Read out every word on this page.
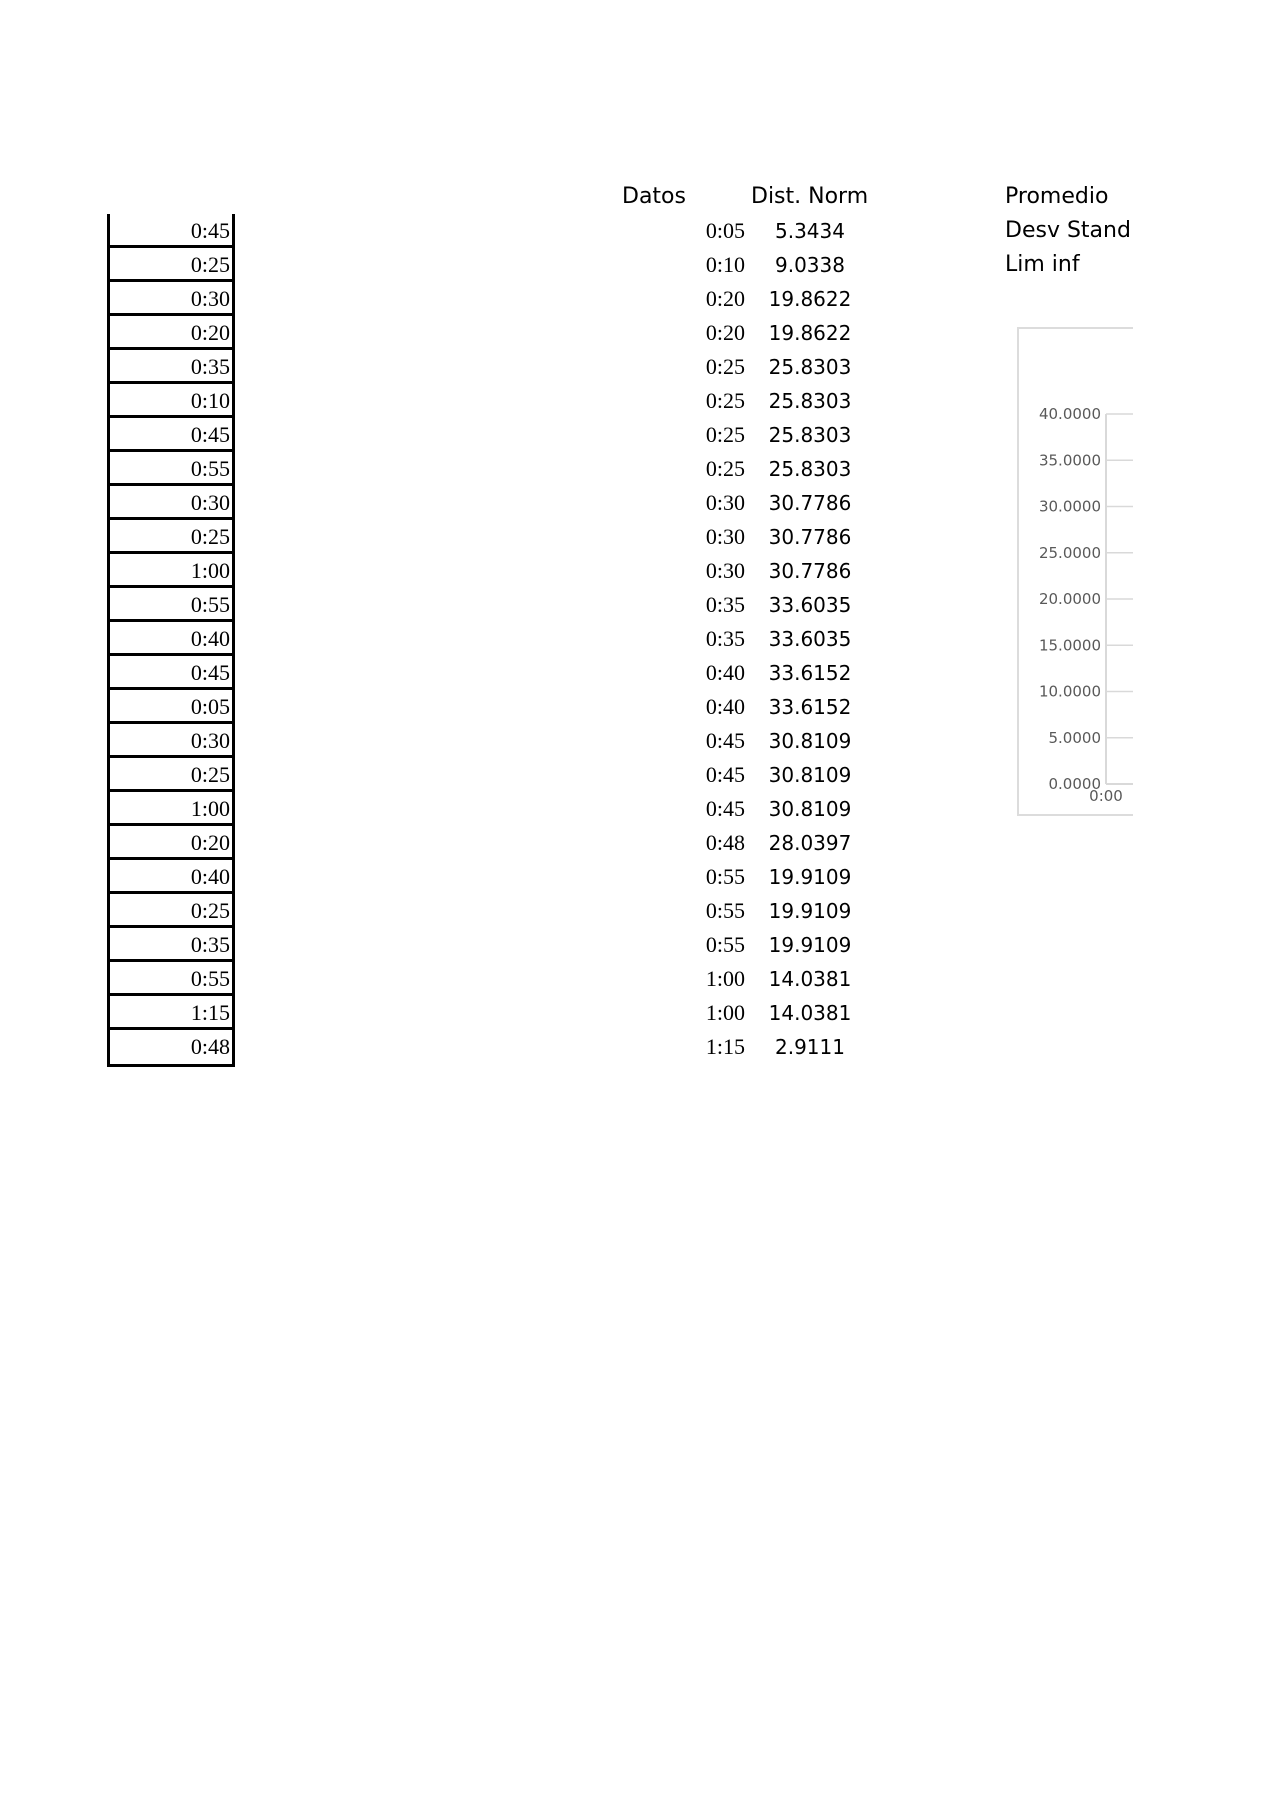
0:45
0:25
0:30
0:20
0:35
0:10
0:45
0:55
0:30
0:25
1:00
0:55
0:40
0:45
0:05
0:30
0:25
1:00
0:20
0:40
0:25
0:35
0:55
1:15
0:48
Datos	Dist. Norm
0:05	5.3434
0:10	9.0338
0:20	19.8622
0:20	19.8622
0:25	25.8303
0:25	25.8303
0:25	25.8303
0:25	25.8303
0:30	30.7786
0:30	30.7786
0:30	30.7786
0:35	33.6035
0:35	33.6035
0:40	33.6152
0:40	33.6152
0:45	30.8109
0:45	30.8109
0:45	30.8109
0:48	28.0397
0:55	19.9109
0:55	19.9109
0:55	19.9109
1:00	14.0381
1:00	14.0381
1:15	2.9111
Promedio
Desv Stand
Lim inf
0.0000
5.0000
10.0000
15.0000
20.0000
25.0000
30.0000
35.0000
40.0000
0:00
